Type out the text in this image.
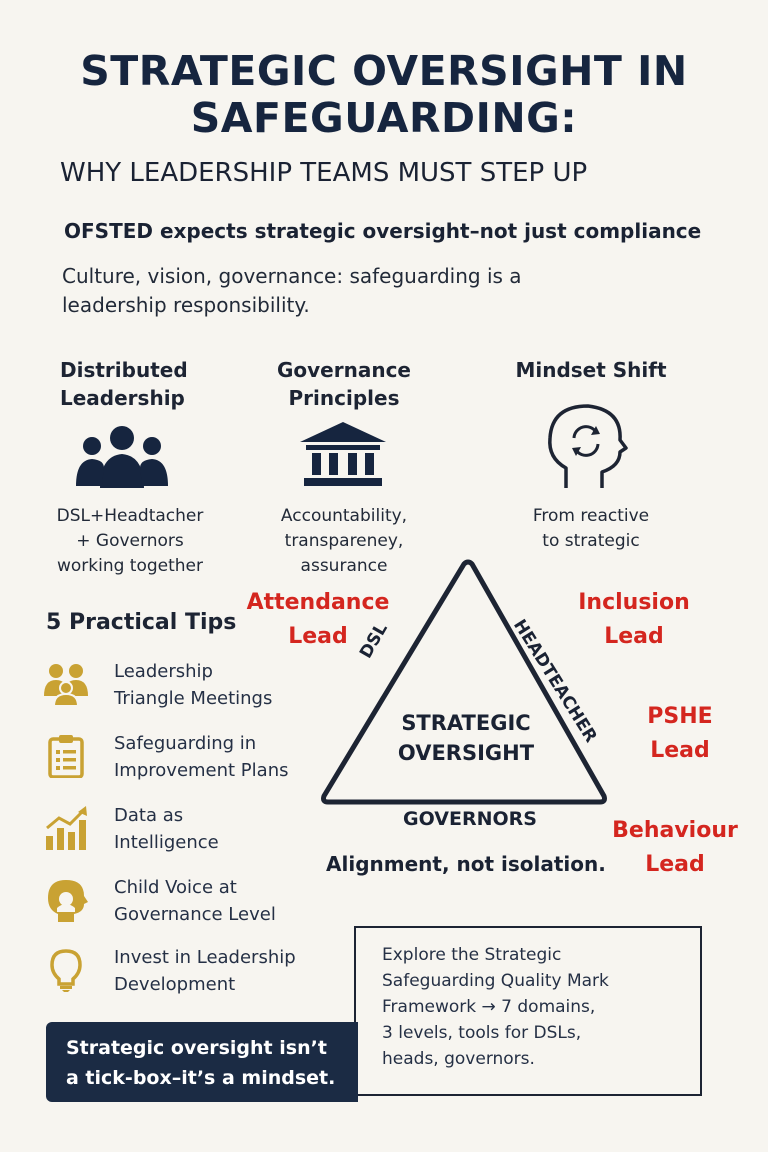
STRATEGIC OVERSIGHT IN
SAFEGUARDING:
WHY LEADERSHIP TEAMS MUST STEP UP
OFSTED expects strategic oversight–not just compliance
Culture, vision, governance: safeguarding is a
leadership responsibility.
Distributed
Leadership
DSL+Headtacher
+ Governors
working together
Governance
Principles
Accountability,
transpareney,
assurance
Mindset Shift
From reactive
to strategic
Attendance
Lead
Inclusion
Lead
PSHE
Lead
Behaviour
Lead
5 Practical Tips
Leadership
Triangle Meetings
Safeguarding in
Improvement Plans
Data as
Intelligence
Child Voice at
Governance Level
Invest in Leadership
Development
DSL	HEADTEACHER
STRATEGIC
OVERSIGHT
GOVERNORS
Alignment, not isolation.
Explore the Strategic
Safeguarding Quality Mark
Framework → 7 domains,
3 levels, tools for DSLs,
heads, governors.
Strategic oversight isn’t
a tick-box–it’s a mindset.
